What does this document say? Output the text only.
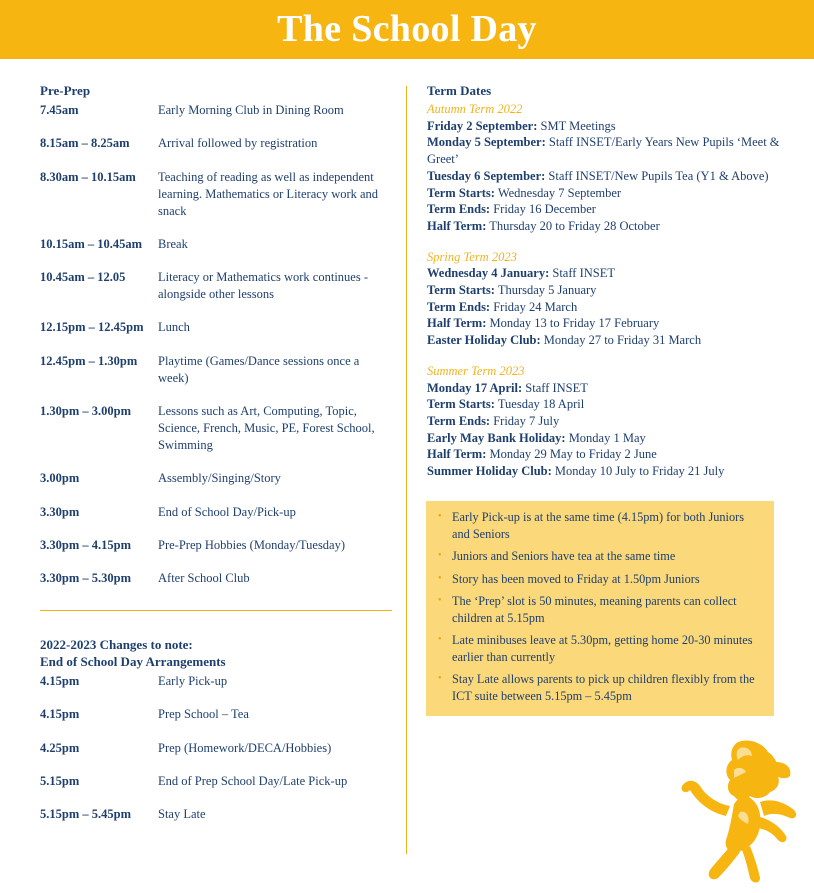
The School Day
Pre-Prep
7.45am	Early Morning Club in Dining Room
8.15am – 8.25am	Arrival followed by registration
8.30am – 10.15am	Teaching of reading as well as independent learning. Mathematics or Literacy work and snack
10.15am – 10.45am	Break
10.45am – 12.05	Literacy or Mathematics work continues - alongside other lessons
12.15pm – 12.45pm	Lunch
12.45pm – 1.30pm	Playtime (Games/Dance sessions once a week)
1.30pm – 3.00pm	Lessons such as Art, Computing, Topic, Science, French, Music, PE, Forest School, Swimming
3.00pm	Assembly/Singing/Story
3.30pm	End of School Day/Pick-up
3.30pm – 4.15pm	Pre-Prep Hobbies (Monday/Tuesday)
3.30pm – 5.30pm	After School Club
2022-2023 Changes to note:
End of School Day Arrangements
4.15pm	Early Pick-up
4.15pm	Prep School – Tea
4.25pm	Prep (Homework/DECA/Hobbies)
5.15pm	End of Prep School Day/Late Pick-up
5.15pm – 5.45pm	Stay Late
Term Dates
Autumn Term 2022
Friday 2 September: SMT Meetings
Monday 5 September: Staff INSET/Early Years New Pupils ‘Meet & Greet’
Tuesday 6 September: Staff INSET/New Pupils Tea (Y1 & Above)
Term Starts: Wednesday 7 September
Term Ends: Friday 16 December
Half Term: Thursday 20 to Friday 28 October
Spring Term 2023
Wednesday 4 January: Staff INSET
Term Starts: Thursday 5 January
Term Ends: Friday 24 March
Half Term: Monday 13 to Friday 17 February
Easter Holiday Club: Monday 27 to Friday 31 March
Summer Term 2023
Monday 17 April: Staff INSET
Term Starts: Tuesday 18 April
Term Ends: Friday 7 July
Early May Bank Holiday: Monday 1 May
Half Term: Monday 29 May to Friday 2 June
Summer Holiday Club: Monday 10 July to Friday 21 July
• Early Pick-up is at the same time (4.15pm) for both Juniors and Seniors
• Juniors and Seniors have tea at the same time
• Story has been moved to Friday at 1.50pm Juniors
• The ‘Prep’ slot is 50 minutes, meaning parents can collect children at 5.15pm
• Late minibuses leave at 5.30pm, getting home 20-30 minutes earlier than currently
• Stay Late allows parents to pick up children flexibly from the ICT suite between 5.15pm – 5.45pm
